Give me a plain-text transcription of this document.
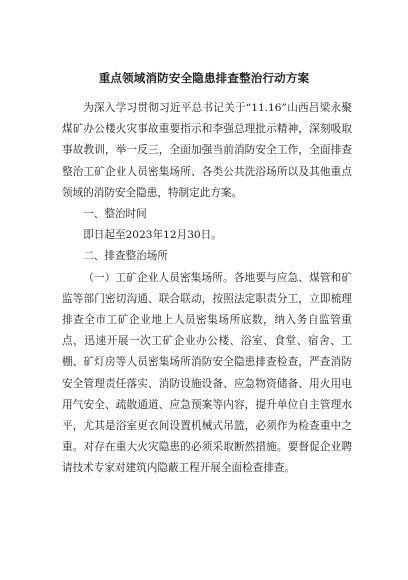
重点领域消防安全隐患排查整治行动方案

为深入学习贯彻习近平总书记关于“11.16”山西吕梁永聚煤矿办公楼火灾事故重要指示和李强总理批示精神，深刻吸取事故教训，举一反三，全面加强当前消防安全工作，全面排查整治工矿企业人员密集场所、各类公共洗浴场所以及其他重点领域的消防安全隐患，特制定此方案。

一、整治时间
即日起至2023年12月30日。
二、排查整治场所

（一）工矿企业人员密集场所。各地要与应急、煤管和矿监等部门密切沟通、联合联动，按照法定职责分工，立即梳理排查全市工矿企业地上人员密集场所底数，纳入务自监管重点，迅速开展一次工矿企业办公楼、浴室、食堂、宿舍、工棚、矿灯房等人员密集场所消防安全隐患排查检查，严查消防安全管理责任落实、消防设施设备、应急物资储备、用火用电用气安全、疏散通道、应急预案等内容，提升单位自主管理水平，尤其是浴室更衣间设置机械式吊篮，必须作为检查重中之重。对存在重大火灾隐患的必须采取断然措施。要督促企业聘请技术专家对建筑内隐蔽工程开展全面检查排查。
